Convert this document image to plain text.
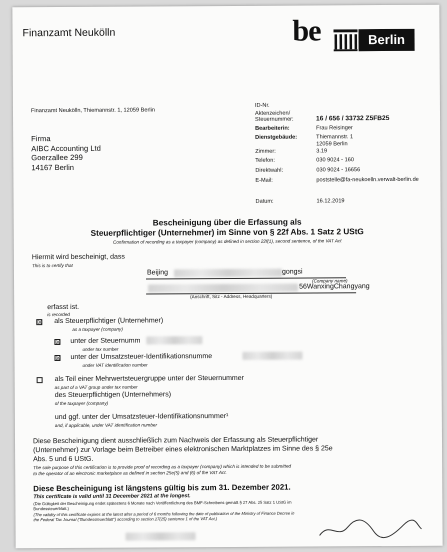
Finanzamt Neukölln	be	Berlin
Finanzamt Neukölln, Thiemannstr. 1, 12059 Berlin
Firma
AIBC Accounting Ltd
Goerzallee 299
14167 Berlin
ID-Nr.
Aktenzeichen/
Steuernummer:	16 / 656 / 33732 Z5FB25
Bearbeiterin:	Frau Reisinger
Dienstgebäude:	Thiemannstr. 1
12059 Berlin
Zimmer:	3.19
Telefon:	030 9024 - 160
Direktwahl:	030 9024 - 16656
E-Mail:	poststelle@fa-neukoelln.verwalt-berlin.de
Datum:	16.12.2019
Bescheinigung über die Erfassung als
Steuerpflichtiger (Unternehmer) im Sinne von § 22f Abs. 1 Satz 2 UStG
Confirmation of recording as a taxpayer (company) as defined in section 22f(1), second sentence, of the VAT Act
Hiermit wird bescheinigt, dass
This is to certify that
Beijing	gongsi
(Company name)
56WanxingChangyang
(Anschrift, Sitz - Address, Headquarters)
erfasst ist.
is recorded
☒ als Steuerpflichtiger (Unternehmer)
as a taxpayer (company)
☒ unter der Steuernumm
under tax number
☒ unter der Umsatzsteuer-Identifikationsnumme
under VAT identification number
als Teil einer Mehrwertsteuergruppe unter der Steuernummer
as part of a VAT group under tax number
des Steuerpflichtigen (Unternehmers)
of the taxpayer (company)
und ggf. unter der Umsatzsteuer-Identifikationsnummer¹
and, if applicable, under VAT identification number
Diese Bescheinigung dient ausschließlich zum Nachweis der Erfassung als Steuerpflichtiger
(Unternehmer) zur Vorlage beim Betreiber eines elektronischen Marktplatzes im Sinne des § 25e
Abs. 5 und 6 UStG.
The sole purpose of this certification is to provide proof of recording as a taxpayer (company) which is intended to be submitted
to the operator of an electronic marketplace as defined in section 25e(5) and (6) of the VAT Act.
Diese Bescheinigung ist längstens gültig bis zum 31. Dezember 2021.
This certificate is valid until 31 December 2021 at the longest.
(Die Gültigkeit der Bescheinigung endet spätestens 6 Monate nach Veröffentlichung des BMF-Schreibens gemäß § 27 Abs. 25 Satz 1 UStG im
Bundessteuerblatt.)
(The validity of this certificate expires at the latest after a period of 6 months following the date of publication of the Ministry of Finance Decree in
the Federal Tax Journal ("Bundessteuerblatt") according to section 27(25) sentence 1 of the VAT Act.)
